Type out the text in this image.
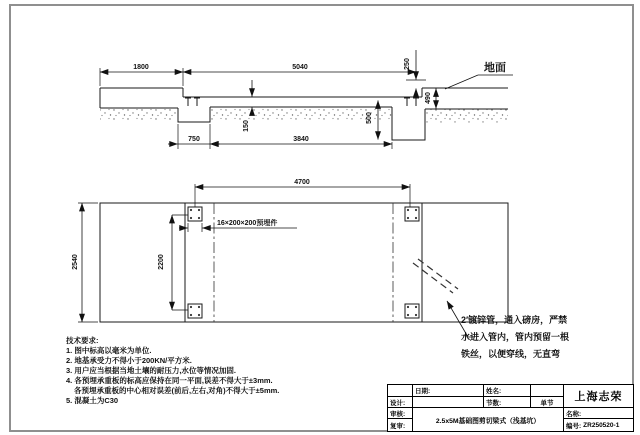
1800	5040	250
490
500
150
750	3840
地面
4700
2540	2200
16×200×200预埋件
技术要求:
1. 图中标高以毫米为单位.
2. 地基承受力不得小于200KN/平方米.
3. 用户应当根据当地土壤的耐压力,水位等情况加固.
4. 各预埋承重板的标高应保持在同一平面,误差不得大于±3mm.
各预埋承重板的中心相对误差(前后,左右,对角)不得大于±5mm.
5. 混凝土为C30
2′镀锌管，通入磅房，严禁
水进入管内，管内预留一根
铁丝，以便穿线，无直弯
日期:	姓名:	上海志荣
设计:	节数:	单节
审核:
2.5x5M基础图剪切梁式（浅基坑）
名称:
复审:	编号: ZR250520-1
